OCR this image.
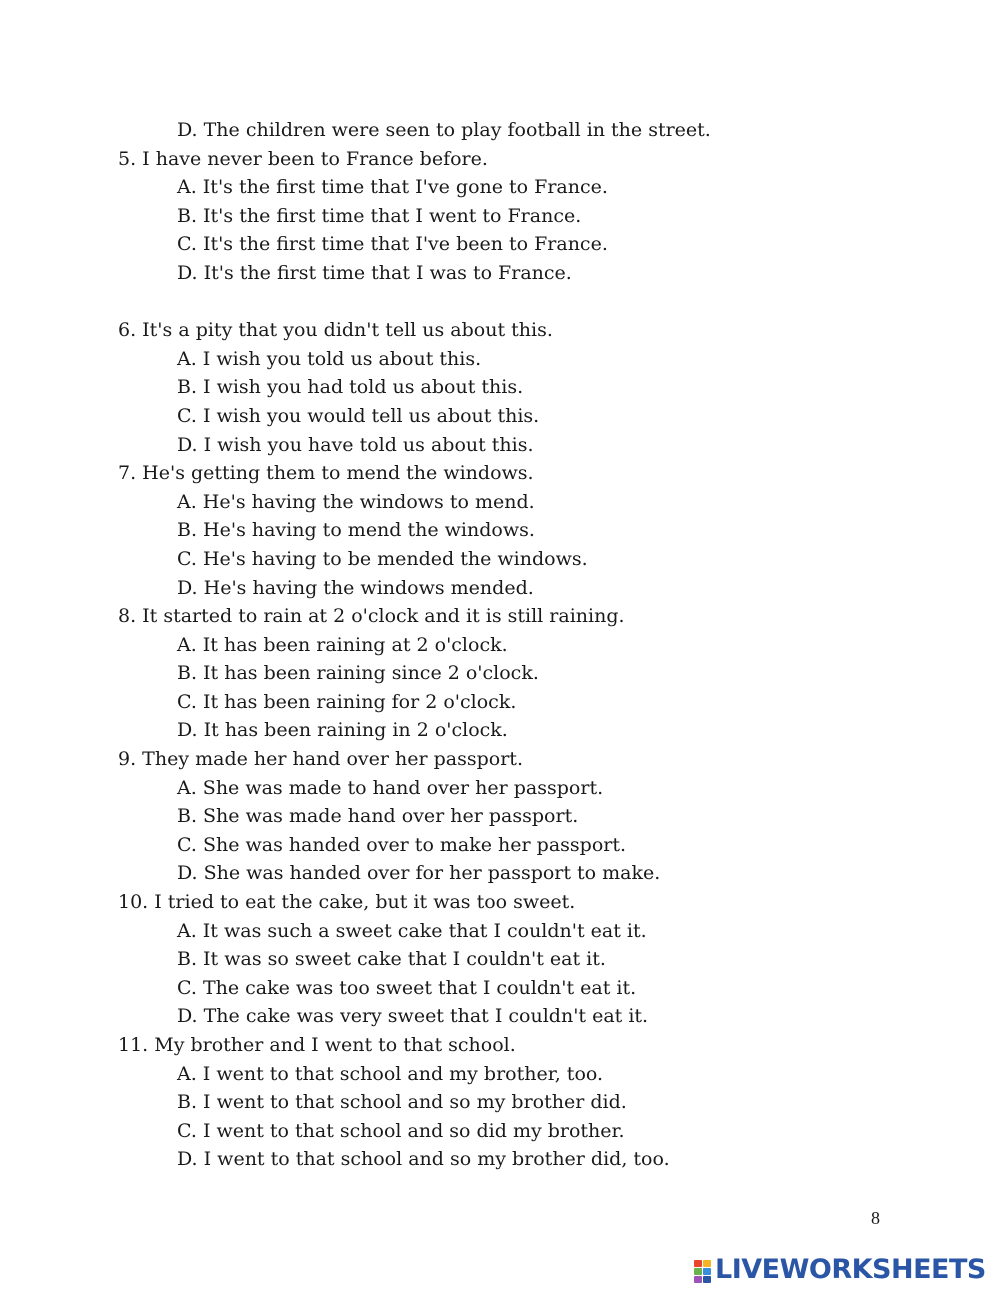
D. The children were seen to play football in the street.
5. I have never been to France before.
A. It's the first time that I've gone to France.
B. It's the first time that I went to France.
C. It's the first time that I've been to France.
D. It's the first time that I was to France.
6. It's a pity that you didn't tell us about this.
A. I wish you told us about this.
B. I wish you had told us about this.
C. I wish you would tell us about this.
D. I wish you have told us about this.
7. He's getting them to mend the windows.
A. He's having the windows to mend.
B. He's having to mend the windows.
C. He's having to be mended the windows.
D. He's having the windows mended.
8. It started to rain at 2 o'clock and it is still raining.
A. It has been raining at 2 o'clock.
B. It has been raining since 2 o'clock.
C. It has been raining for 2 o'clock.
D. It has been raining in 2 o'clock.
9. They made her hand over her passport.
A. She was made to hand over her passport.
B. She was made hand over her passport.
C. She was handed over to make her passport.
D. She was handed over for her passport to make.
10. I tried to eat the cake, but it was too sweet.
A. It was such a sweet cake that I couldn't eat it.
B. It was so sweet cake that I couldn't eat it.
C. The cake was too sweet that I couldn't eat it.
D. The cake was very sweet that I couldn't eat it.
11. My brother and I went to that school.
A. I went to that school and my brother, too.
B. I went to that school and so my brother did.
C. I went to that school and so did my brother.
D. I went to that school and so my brother did, too.
8
LIVEWORKSHEETS
